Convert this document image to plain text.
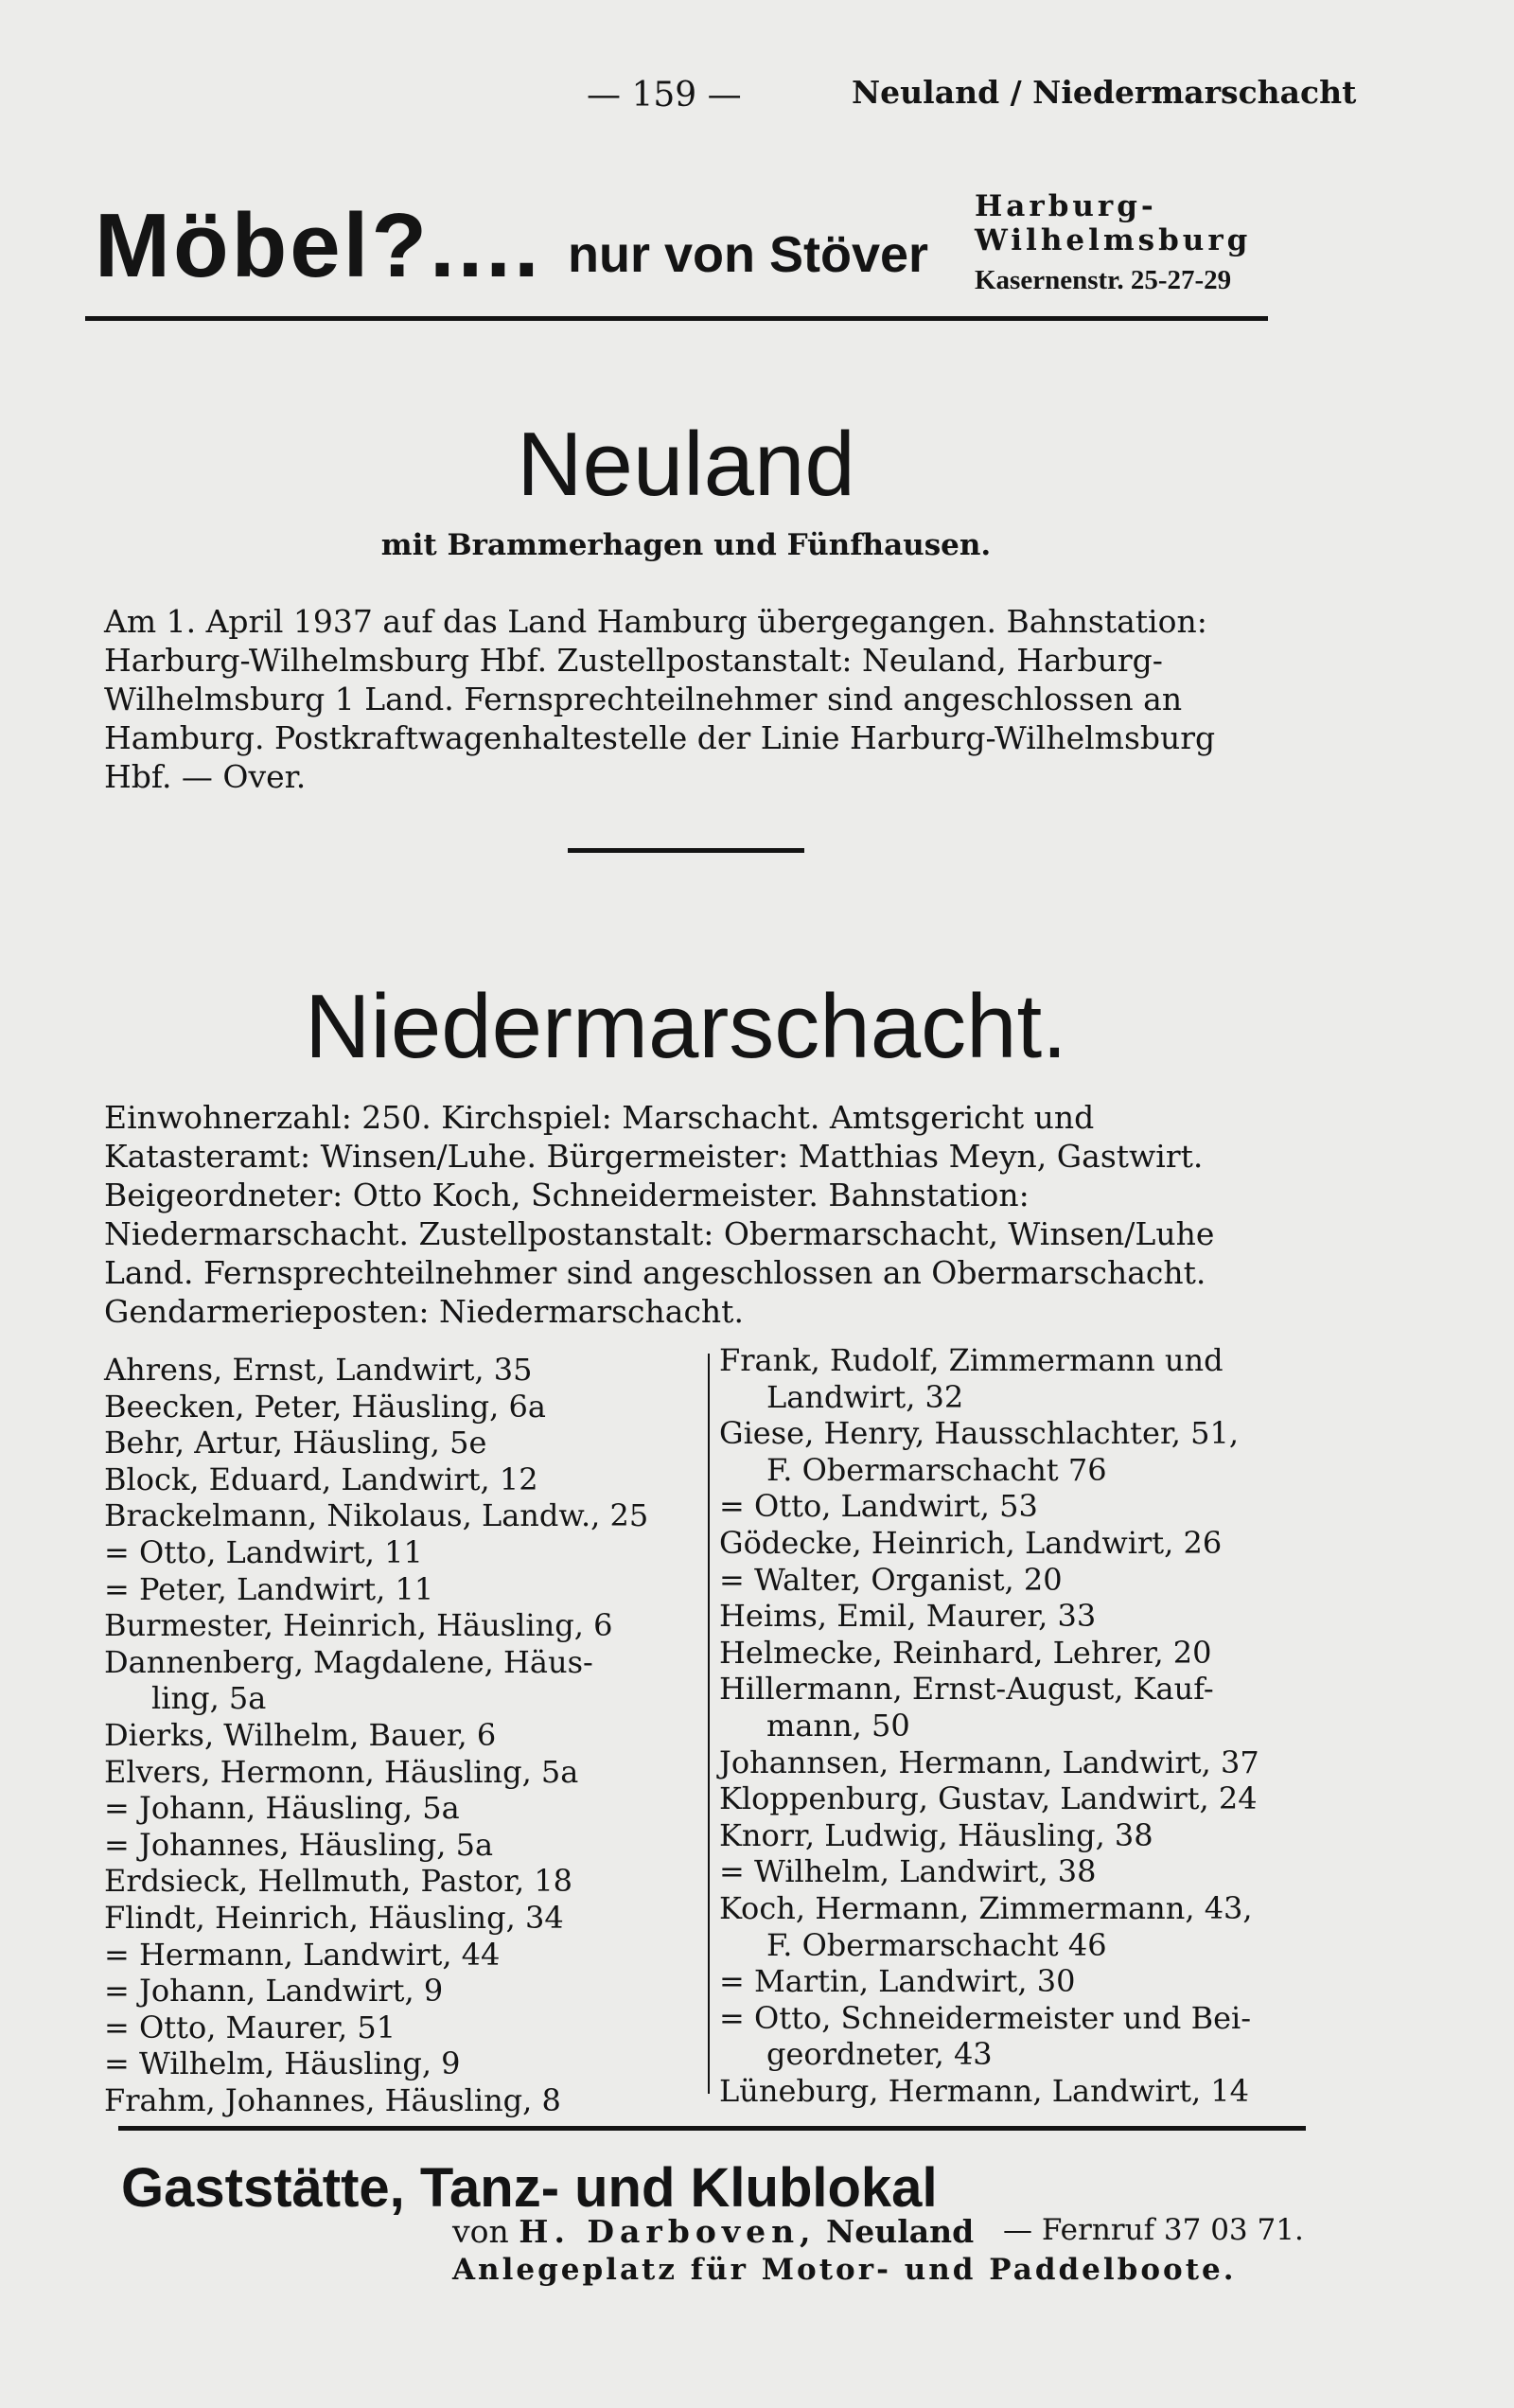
— 159 —	Neuland / Niedermarschacht
Möbel?.... nur von Stöver
Harburg-
Wilhelmsburg
Kasernenstr. 25-27-29
Neuland
mit Brammerhagen und Fünfhausen.
Am 1. April 1937 auf das Land Hamburg übergegangen. Bahnstation: Harburg-Wilhelmsburg Hbf. Zustellpostanstalt: Neuland, Harburg-Wilhelmsburg 1 Land. Fernsprechteilnehmer sind angeschlossen an Hamburg. Postkraftwagenhaltestelle der Linie Harburg-Wilhelmsburg Hbf. — Over.
Niedermarschacht.
Einwohnerzahl: 250. Kirchspiel: Marschacht. Amtsgericht und Katasteramt: Winsen/Luhe. Bürgermeister: Matthias Meyn, Gastwirt. Beigeordneter: Otto Koch, Schneidermeister. Bahnstation: Niedermarschacht. Zustellpostanstalt: Obermarschacht, Winsen/Luhe Land. Fernsprechteilnehmer sind angeschlossen an Obermarschacht. Gendarmerieposten: Niedermarschacht.
Ahrens, Ernst, Landwirt, 35
Beecken, Peter, Häusling, 6a
Behr, Artur, Häusling, 5e
Block, Eduard, Landwirt, 12
Brackelmann, Nikolaus, Landw., 25
= Otto, Landwirt, 11
= Peter, Landwirt, 11
Burmester, Heinrich, Häusling, 6
Dannenberg, Magdalene, Häus-
ling, 5a
Dierks, Wilhelm, Bauer, 6
Elvers, Hermonn, Häusling, 5a
= Johann, Häusling, 5a
= Johannes, Häusling, 5a
Erdsieck, Hellmuth, Pastor, 18
Flindt, Heinrich, Häusling, 34
= Hermann, Landwirt, 44
= Johann, Landwirt, 9
= Otto, Maurer, 51
= Wilhelm, Häusling, 9
Frahm, Johannes, Häusling, 8
Frank, Rudolf, Zimmermann und
Landwirt, 32
Giese, Henry, Hausschlachter, 51,
F. Obermarschacht 76
= Otto, Landwirt, 53
Gödecke, Heinrich, Landwirt, 26
= Walter, Organist, 20
Heims, Emil, Maurer, 33
Helmecke, Reinhard, Lehrer, 20
Hillermann, Ernst-August, Kauf-
mann, 50
Johannsen, Hermann, Landwirt, 37
Kloppenburg, Gustav, Landwirt, 24
Knorr, Ludwig, Häusling, 38
= Wilhelm, Landwirt, 38
Koch, Hermann, Zimmermann, 43,
F. Obermarschacht 46
= Martin, Landwirt, 30
= Otto, Schneidermeister und Bei-
geordneter, 43
Lüneburg, Hermann, Landwirt, 14
Gaststätte, Tanz- und Klublokal
von H. Darboven, Neuland — Fernruf 37 03 71.
Anlegeplatz für Motor- und Paddelboote.
